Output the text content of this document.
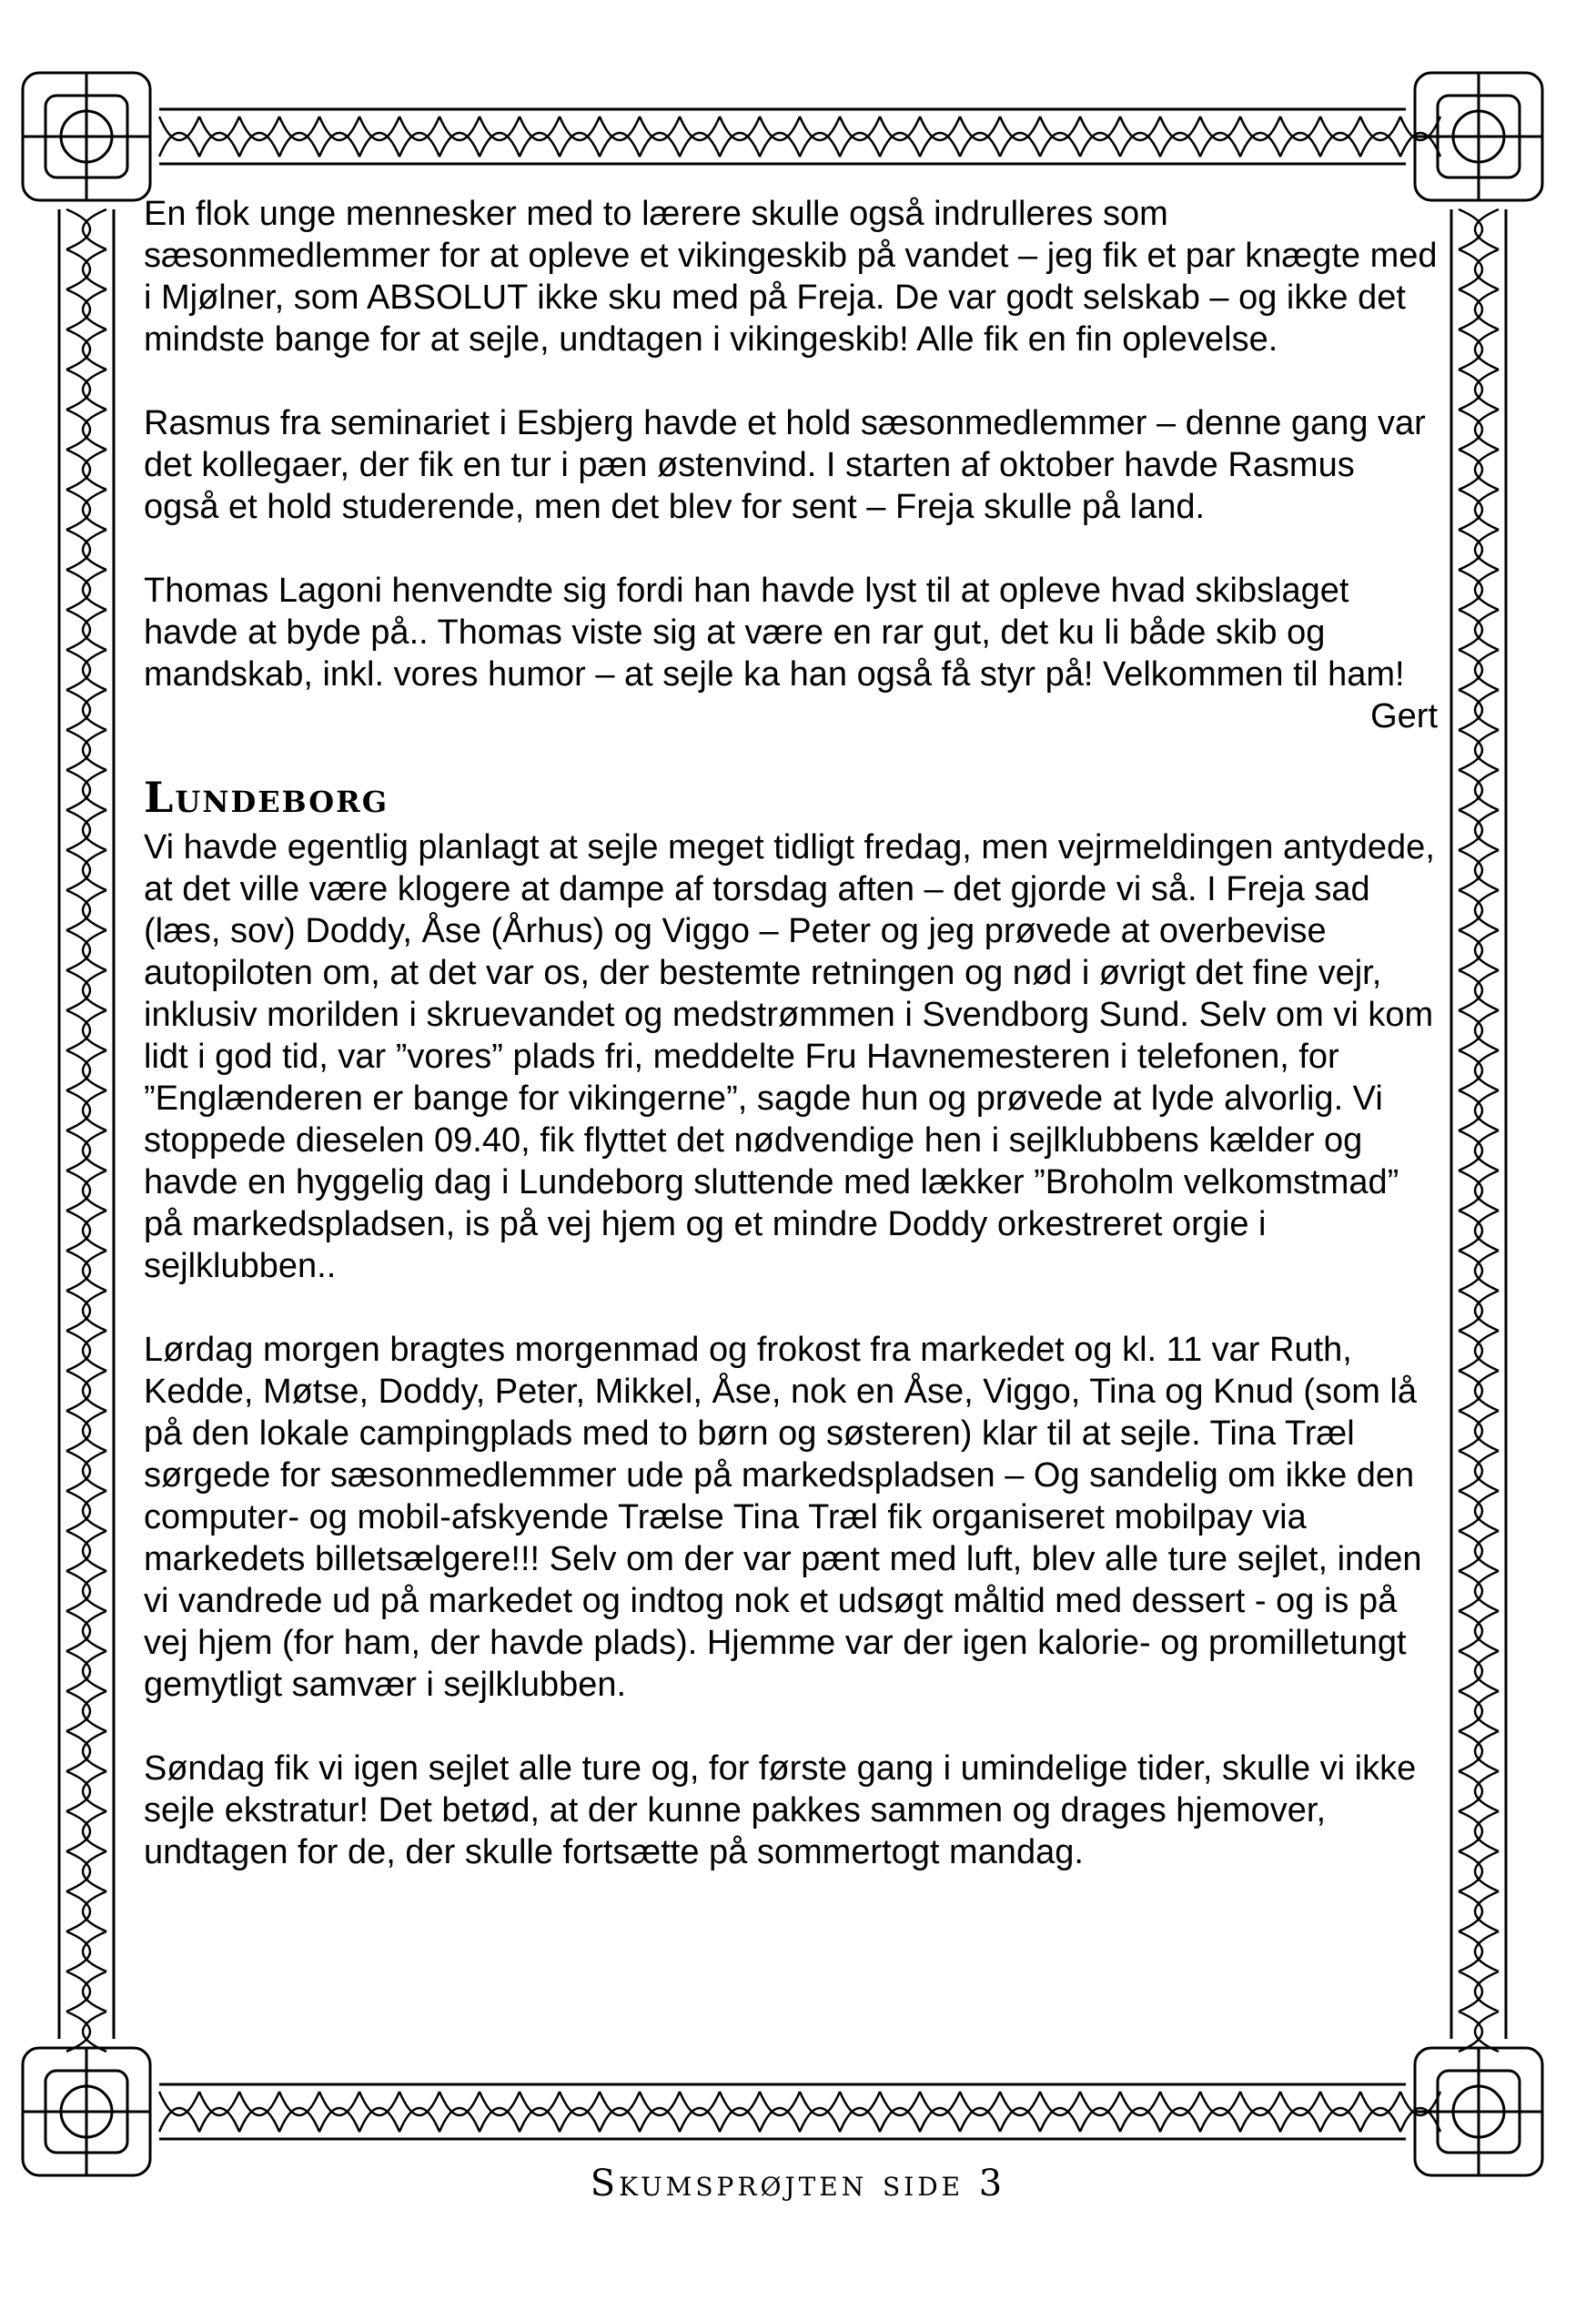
En flok unge mennesker med to lærere skulle også indrulleres som sæsonmedlemmer for at opleve et vikingeskib på vandet – jeg fik et par knægte med i Mjølner, som ABSOLUT ikke sku med på Freja. De var godt selskab – og ikke det mindste bange for at sejle, undtagen i vikingeskib! Alle fik en fin oplevelse.

Rasmus fra seminariet i Esbjerg havde et hold sæsonmedlemmer – denne gang var det kollegaer, der fik en tur i pæn østenvind. I starten af oktober havde Rasmus også et hold studerende, men det blev for sent – Freja skulle på land.

Thomas Lagoni henvendte sig fordi han havde lyst til at opleve hvad skibslaget havde at byde på.. Thomas viste sig at være en rar gut, det ku li både skib og mandskab, inkl. vores humor – at sejle ka han også få styr på! Velkommen til ham!

Gert
Lundeborg

Vi havde egentlig planlagt at sejle meget tidligt fredag, men vejrmeldingen antydede, at det ville være klogere at dampe af torsdag aften – det gjorde vi så. I Freja sad (læs, sov) Doddy, Åse (Århus) og Viggo – Peter og jeg prøvede at overbevise autopiloten om, at det var os, der bestemte retningen og nød i øvrigt det fine vejr, inklusiv morilden i skruevandet og medstrømmen i Svendborg Sund. Selv om vi kom lidt i god tid, var ”vores” plads fri, meddelte Fru Havnemesteren i telefonen, for ”Englænderen er bange for vikingerne”, sagde hun og prøvede at lyde alvorlig. Vi stoppede dieselen 09.40, fik flyttet det nødvendige hen i sejlklubbens kælder og havde en hyggelig dag i Lundeborg sluttende med lækker ”Broholm velkomstmad” på markedspladsen, is på vej hjem og et mindre Doddy orkestreret orgie i sejlklubben..

Lørdag morgen bragtes morgenmad og frokost fra markedet og kl. 11 var Ruth, Kedde, Møtse, Doddy, Peter, Mikkel, Åse, nok en Åse, Viggo, Tina og Knud (som lå på den lokale campingplads med to børn og søsteren) klar til at sejle. Tina Træl sørgede for sæsonmedlemmer ude på markedspladsen – Og sandelig om ikke den computer- og mobil-afskyende Trælse Tina Træl fik organiseret mobilpay via markedets billetsælgere!!! Selv om der var pænt med luft, blev alle ture sejlet, inden vi vandrede ud på markedet og indtog nok et udsøgt måltid med dessert - og is på vej hjem (for ham, der havde plads). Hjemme var der igen kalorie- og promilletungt gemytligt samvær i sejlklubben.

Søndag fik vi igen sejlet alle ture og, for første gang i umindelige tider, skulle vi ikke sejle ekstratur! Det betød, at der kunne pakkes sammen og drages hjemover, undtagen for de, der skulle fortsætte på sommertogt mandag.

Skumsprøjten side 3
